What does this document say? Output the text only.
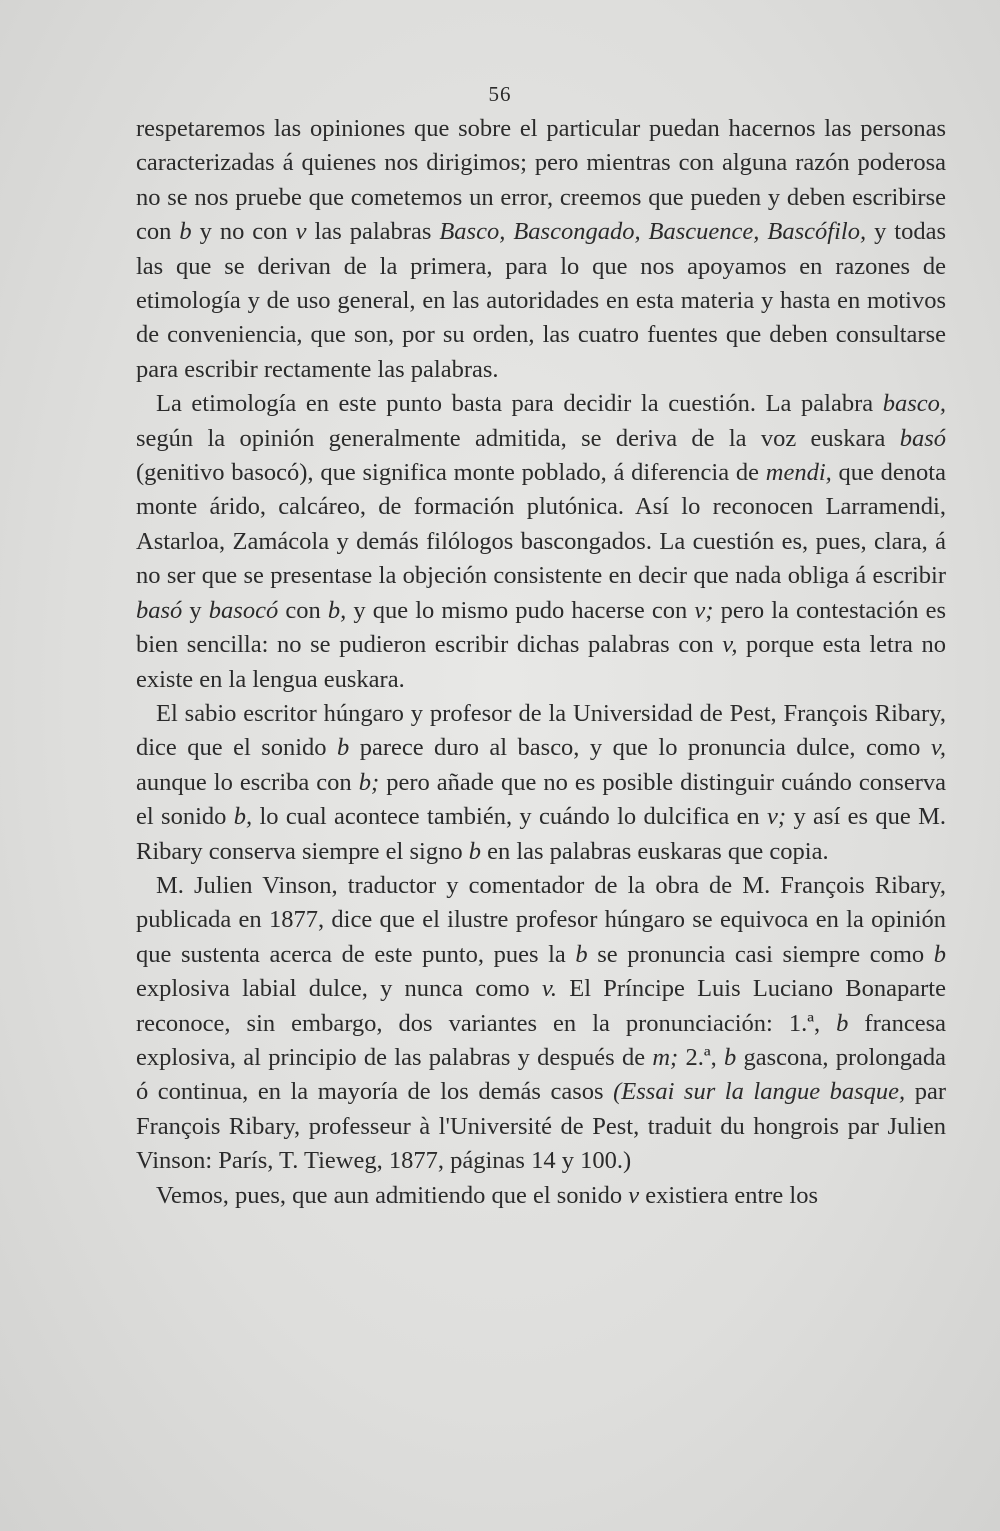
56

respetaremos las opiniones que sobre el particular puedan hacernos las personas caracterizadas á quienes nos dirigimos; pero mientras con alguna razón poderosa no se nos pruebe que cometemos un error, creemos que pueden y deben escribirse con b y no con v las palabras Basco, Bascongado, Bascuence, Bascófilo, y todas las que se derivan de la primera, para lo que nos apoyamos en razones de etimología y de uso general, en las autoridades en esta materia y hasta en motivos de conveniencia, que son, por su orden, las cuatro fuentes que deben consultarse para escribir rectamente las palabras.

La etimología en este punto basta para decidir la cuestión. La palabra basco, según la opinión generalmente admitida, se deriva de la voz euskara basó (genitivo basocó), que significa monte poblado, á diferencia de mendi, que denota monte árido, calcáreo, de formación plutónica. Así lo reconocen Larramendi, Astarloa, Zamácola y demás filólogos bascongados. La cuestión es, pues, clara, á no ser que se presentase la objeción consistente en decir que nada obliga á escribir basó y basocó con b, y que lo mismo pudo hacerse con v; pero la contestación es bien sencilla: no se pudieron escribir dichas palabras con v, porque esta letra no existe en la lengua euskara.

El sabio escritor húngaro y profesor de la Universidad de Pest, François Ribary, dice que el sonido b parece duro al basco, y que lo pronuncia dulce, como v, aunque lo escriba con b; pero añade que no es posible distinguir cuándo conserva el sonido b, lo cual acontece también, y cuándo lo dulcifica en v; y así es que M. Ribary conserva siempre el signo b en las palabras euskaras que copia.

M. Julien Vinson, traductor y comentador de la obra de M. François Ribary, publicada en 1877, dice que el ilustre profesor húngaro se equivoca en la opinión que sustenta acerca de este punto, pues la b se pronuncia casi siempre como b explosiva labial dulce, y nunca como v. El Príncipe Luis Luciano Bonaparte reconoce, sin embargo, dos variantes en la pronunciación: 1.ª, b francesa explosiva, al principio de las palabras y después de m; 2.ª, b gascona, prolongada ó continua, en la mayoría de los demás casos (Essai sur la langue basque, par François Ribary, professeur à l'Université de Pest, traduit du hongrois par Julien Vinson: París, T. Tieweg, 1877, páginas 14 y 100.)

Vemos, pues, que aun admitiendo que el sonido v existiera entre los
